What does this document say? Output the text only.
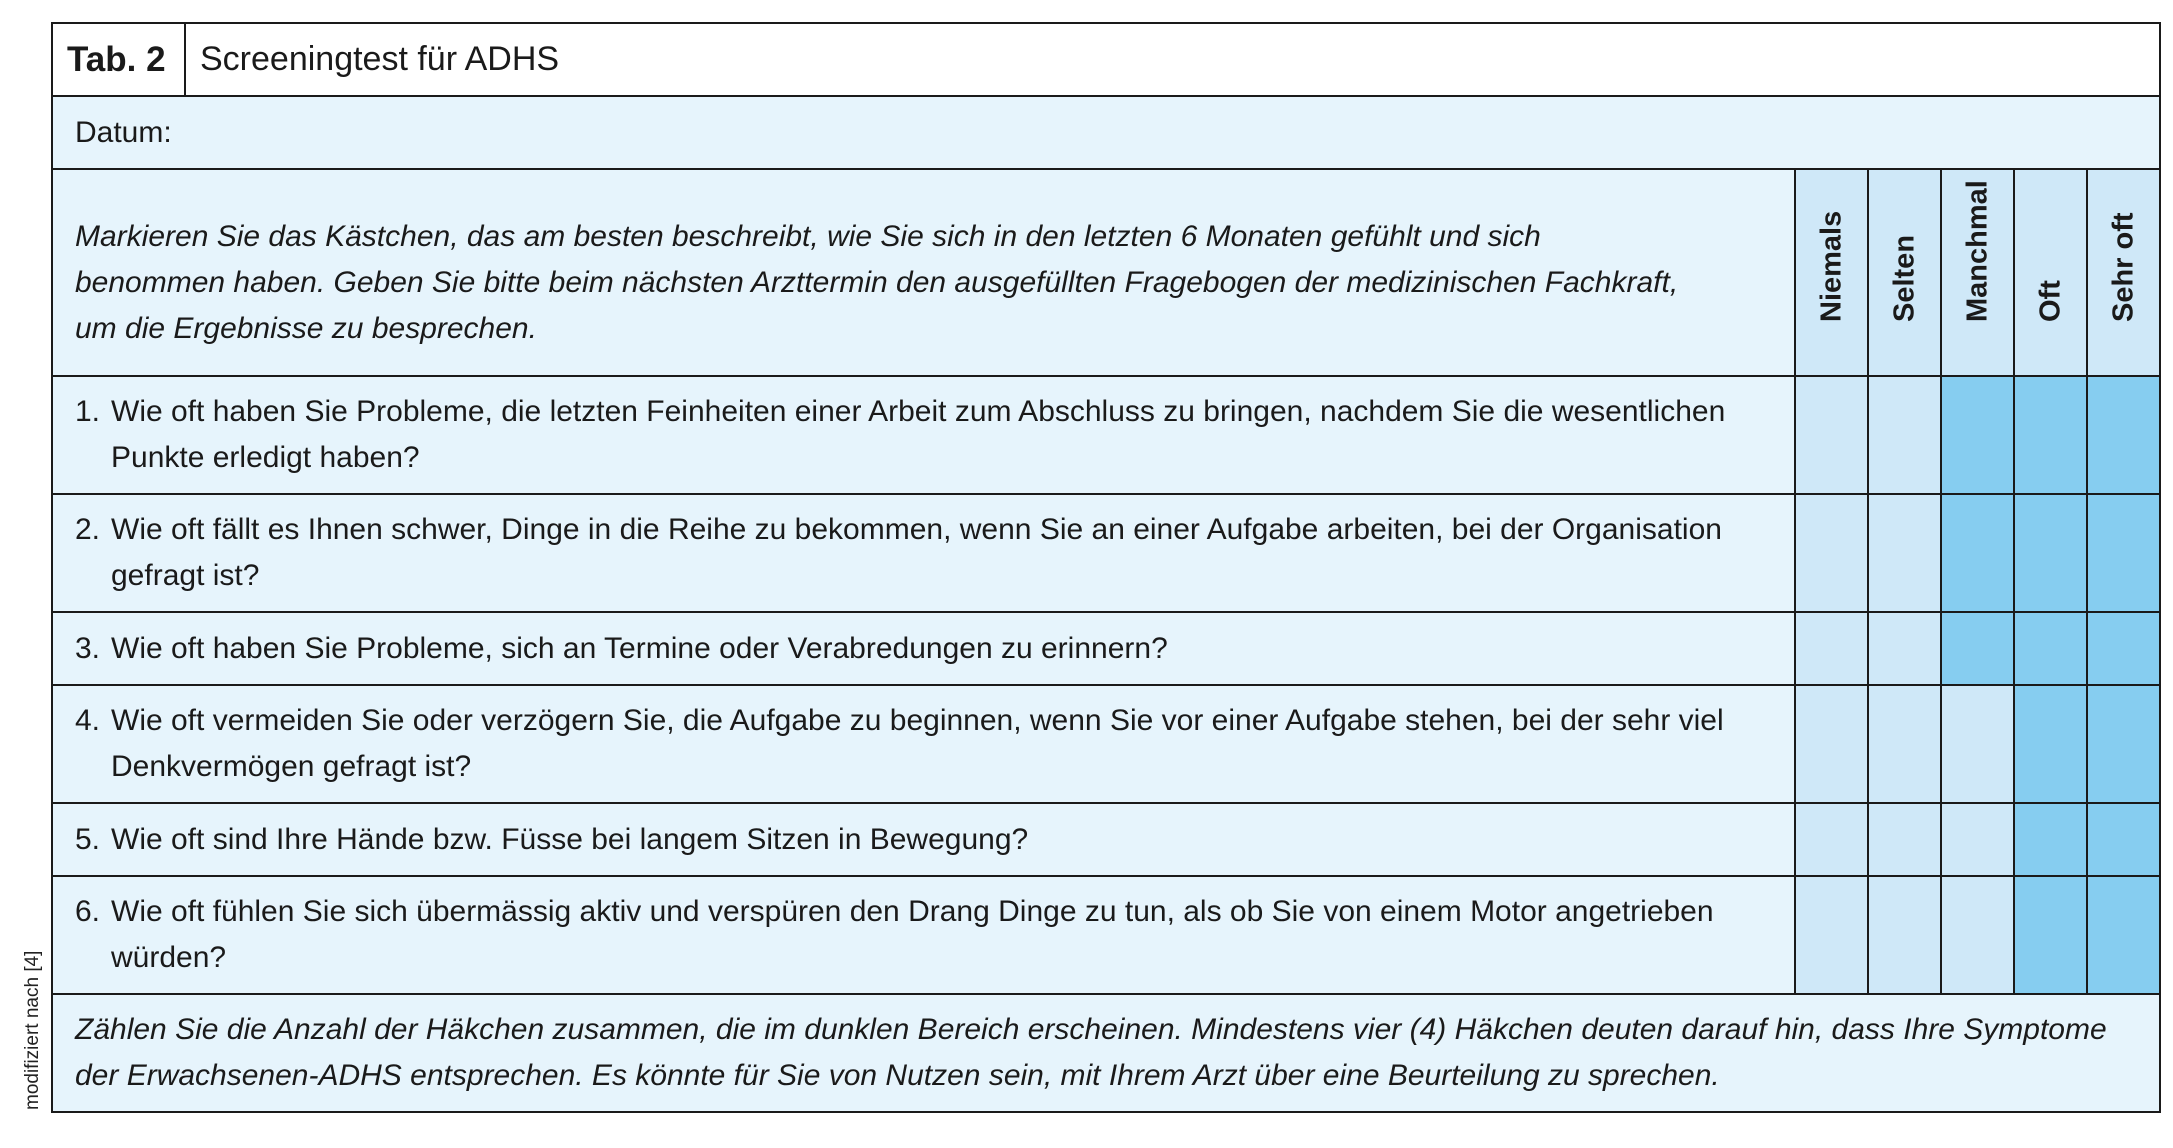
modifiziert nach [4]
Tab. 2 Screeningtest für ADHS					

Datum:					
Markieren Sie das Kästchen, das am besten beschreibt, wie Sie sich in den letzten 6 Monaten gefühlt und sich benommen haben. Geben Sie bitte beim nächsten Arzttermin den ausgefüllten Fragebogen der medizinischen Fachkraft, um die Ergebnisse zu besprechen.	Niemals	Selten	Manchmal	Oft	Sehr oft

1. Wie oft haben Sie Probleme, die letzten Feinheiten einer Arbeit zum Abschluss zu bringen, nachdem Sie die wesentlichen Punkte erledigt haben?					

2. Wie oft fällt es Ihnen schwer, Dinge in die Reihe zu bekommen, wenn Sie an einer Aufgabe arbeiten, bei der Organisation gefragt ist?					

3. Wie oft haben Sie Probleme, sich an Termine oder Verabredungen zu erinnern?					

4. Wie oft vermeiden Sie oder verzögern Sie, die Aufgabe zu beginnen, wenn Sie vor einer Aufgabe stehen, bei der sehr viel Denkvermögen gefragt ist?					

5. Wie oft sind Ihre Hände bzw. Füsse bei langem Sitzen in Bewegung?					

6. Wie oft fühlen Sie sich übermässig aktiv und verspüren den Drang Dinge zu tun, als ob Sie von einem Motor angetrieben würden?					

Zählen Sie die Anzahl der Häkchen zusammen, die im dunklen Bereich erscheinen. Mindestens vier (4) Häkchen deuten darauf hin, dass Ihre Symptome der Erwachsenen-ADHS entsprechen. Es könnte für Sie von Nutzen sein, mit Ihrem Arzt über eine Beurteilung zu sprechen.					
